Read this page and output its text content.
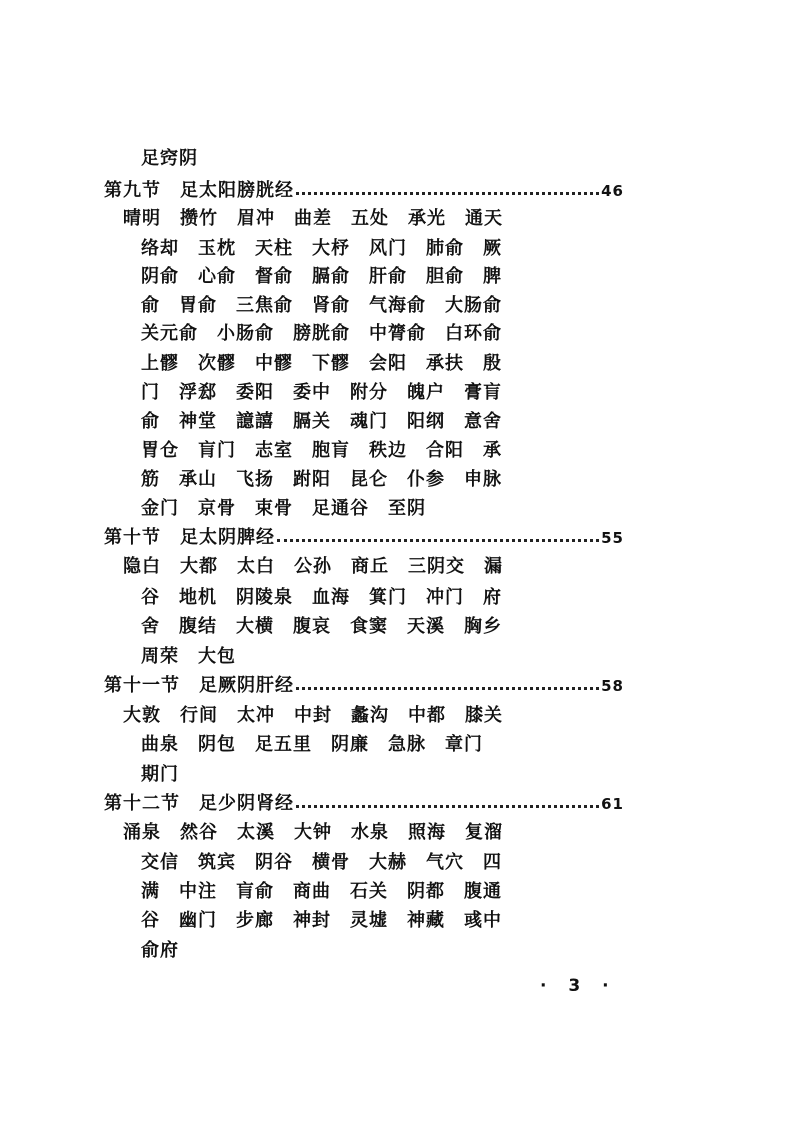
足窍阴
第九节　足太阳膀胱经	46
晴明　攒竹　眉冲　曲差　五处　承光　通天
络却　玉枕　天柱　大杼　风门　肺俞　厥
阴俞　心俞　督俞　膈俞　肝俞　胆俞　脾
俞　胃俞　三焦俞　肾俞　气海俞　大肠俞
关元俞　小肠俞　膀胱俞　中膂俞　白环俞
上髎　次髎　中髎　下髎　会阳　承扶　殷
门　浮郄　委阳　委中　附分　魄户　膏肓
俞　神堂　譩譆　膈关　魂门　阳纲　意舍
胃仓　肓门　志室　胞肓　秩边　合阳　承
筋　承山　飞扬　跗阳　昆仑　仆参　申脉
金门　京骨　束骨　足通谷　至阴
第十节　足太阴脾经	55
隐白　大都　太白　公孙　商丘　三阴交　漏
谷　地机　阴陵泉　血海　箕门　冲门　府
舍　腹结　大横　腹哀　食窦　天溪　胸乡
周荣　大包
第十一节　足厥阴肝经	58
大敦　行间　太冲　中封　蠡沟　中都　膝关
曲泉　阴包　足五里　阴廉　急脉　章门
期门
第十二节　足少阴肾经	61
涌泉　然谷　太溪　大钟　水泉　照海　复溜
交信　筑宾　阴谷　横骨　大赫　气穴　四
满　中注　肓俞　商曲　石关　阴都　腹通
谷　幽门　步廊　神封　灵墟　神藏　彧中
俞府
· 3 ·
